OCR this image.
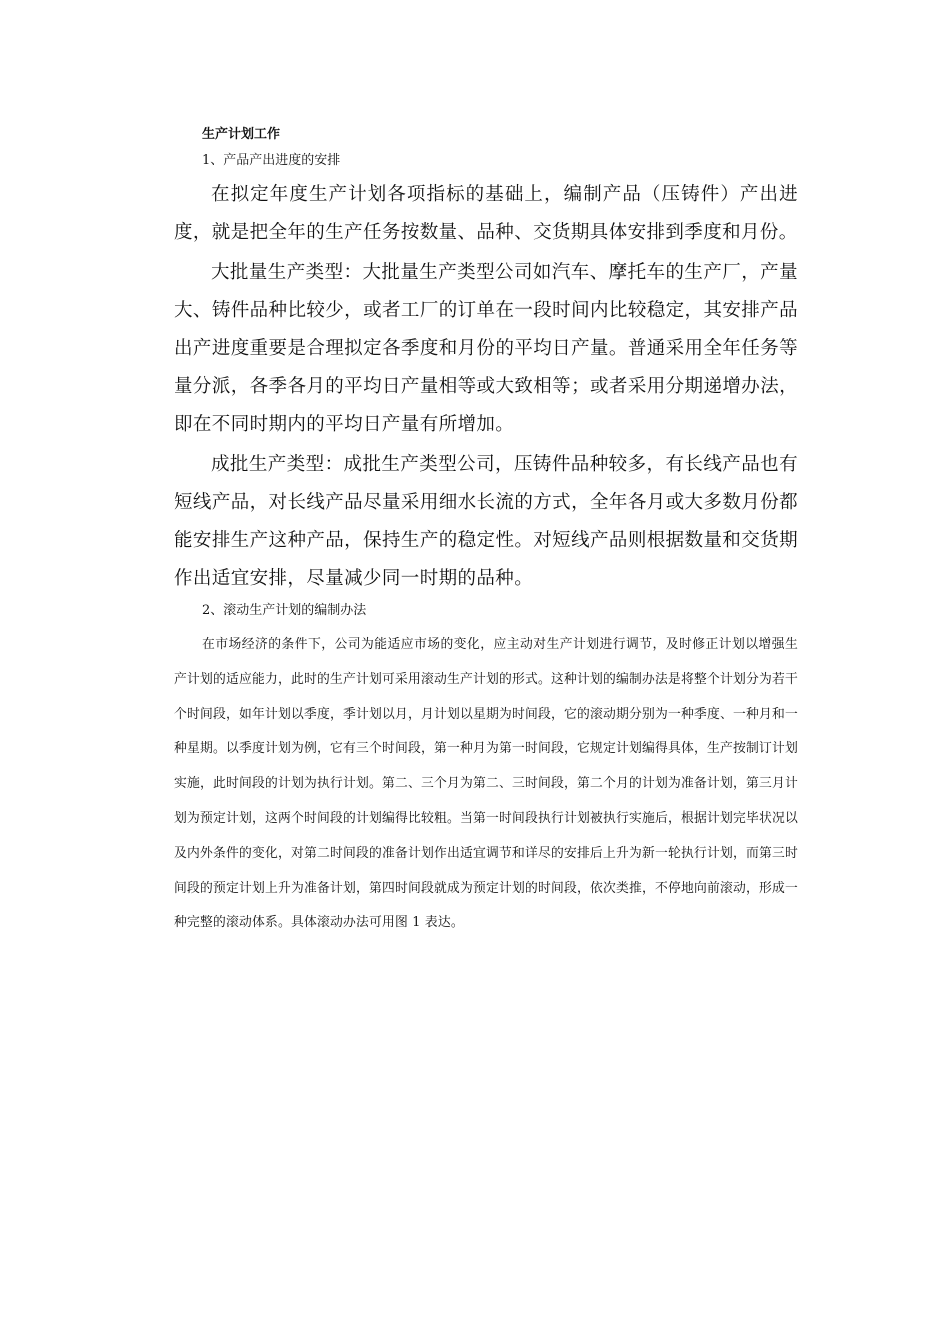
生产计划工作
1、产品产出进度的安排

在拟定年度生产计划各项指标的基础上，编制产品（压铸件）产出进度，就是把全年的生产任务按数量、品种、交货期具体安排到季度和月份。

大批量生产类型：大批量生产类型公司如汽车、摩托车的生产厂，产量大、铸件品种比较少，或者工厂的订单在一段时间内比较稳定，其安排产品出产进度重要是合理拟定各季度和月份的平均日产量。普通采用全年任务等量分派，各季各月的平均日产量相等或大致相等；或者采用分期递增办法，即在不同时期内的平均日产量有所增加。

成批生产类型：成批生产类型公司，压铸件品种较多，有长线产品也有短线产品，对长线产品尽量采用细水长流的方式，全年各月或大多数月份都能安排生产这种产品，保持生产的稳定性。对短线产品则根据数量和交货期作出适宜安排，尽量减少同一时期的品种。

2、滚动生产计划的编制办法

在市场经济的条件下，公司为能适应市场的变化，应主动对生产计划进行调节，及时修正计划以增强生产计划的适应能力，此时的生产计划可采用滚动生产计划的形式。这种计划的编制办法是将整个计划分为若干个时间段，如年计划以季度，季计划以月，月计划以星期为时间段，它的滚动期分别为一种季度、一种月和一种星期。以季度计划为例，它有三个时间段，第一种月为第一时间段，它规定计划编得具体，生产按制订计划实施，此时间段的计划为执行计划。第二、三个月为第二、三时间段，第二个月的计划为准备计划，第三月计划为预定计划，这两个时间段的计划编得比较粗。当第一时间段执行计划被执行实施后，根据计划完毕状况以及内外条件的变化，对第二时间段的准备计划作出适宜调节和详尽的安排后上升为新一轮执行计划，而第三时间段的预定计划上升为准备计划，第四时间段就成为预定计划的时间段，依次类推，不停地向前滚动，形成一种完整的滚动体系。具体滚动办法可用图 1 表达。
